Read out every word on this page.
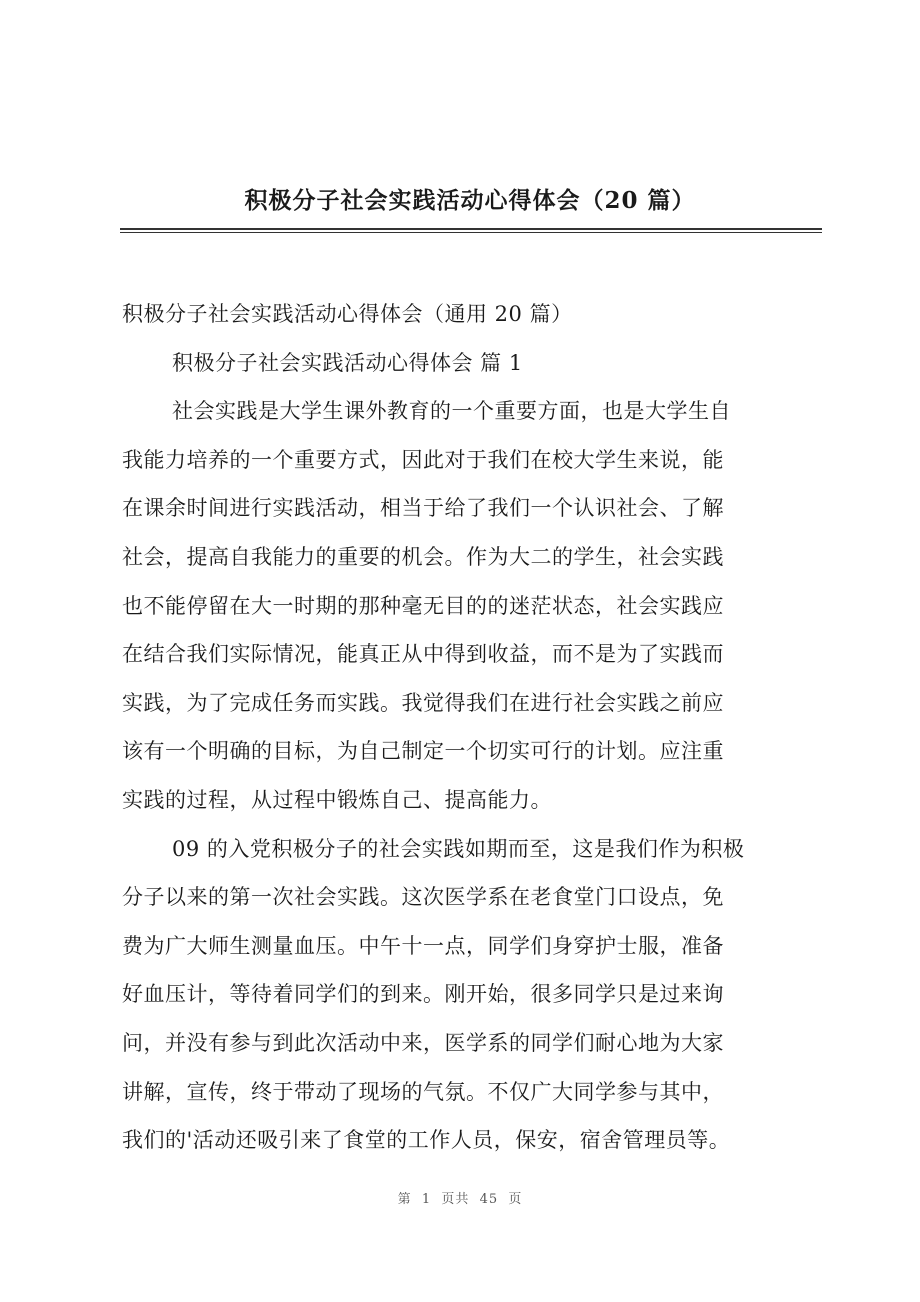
积极分子社会实践活动心得体会（20 篇）
积极分子社会实践活动心得体会（通用 20 篇）
积极分子社会实践活动心得体会 篇 1
社会实践是大学生课外教育的一个重要方面，也是大学生自
我能力培养的一个重要方式，因此对于我们在校大学生来说，能
在课余时间进行实践活动，相当于给了我们一个认识社会、了解
社会，提高自我能力的重要的机会。作为大二的学生，社会实践
也不能停留在大一时期的那种毫无目的的迷茫状态，社会实践应
在结合我们实际情况，能真正从中得到收益，而不是为了实践而
实践，为了完成任务而实践。我觉得我们在进行社会实践之前应
该有一个明确的目标，为自己制定一个切实可行的计划。应注重
实践的过程，从过程中锻炼自己、提高能力。
09 的入党积极分子的社会实践如期而至，这是我们作为积极
分子以来的第一次社会实践。这次医学系在老食堂门口设点，免
费为广大师生测量血压。中午十一点，同学们身穿护士服，准备
好血压计，等待着同学们的到来。刚开始，很多同学只是过来询
问，并没有参与到此次活动中来，医学系的同学们耐心地为大家
讲解，宣传，终于带动了现场的气氛。不仅广大同学参与其中，
我们的'活动还吸引来了食堂的工作人员，保安，宿舍管理员等。
第  1  页共  45  页
